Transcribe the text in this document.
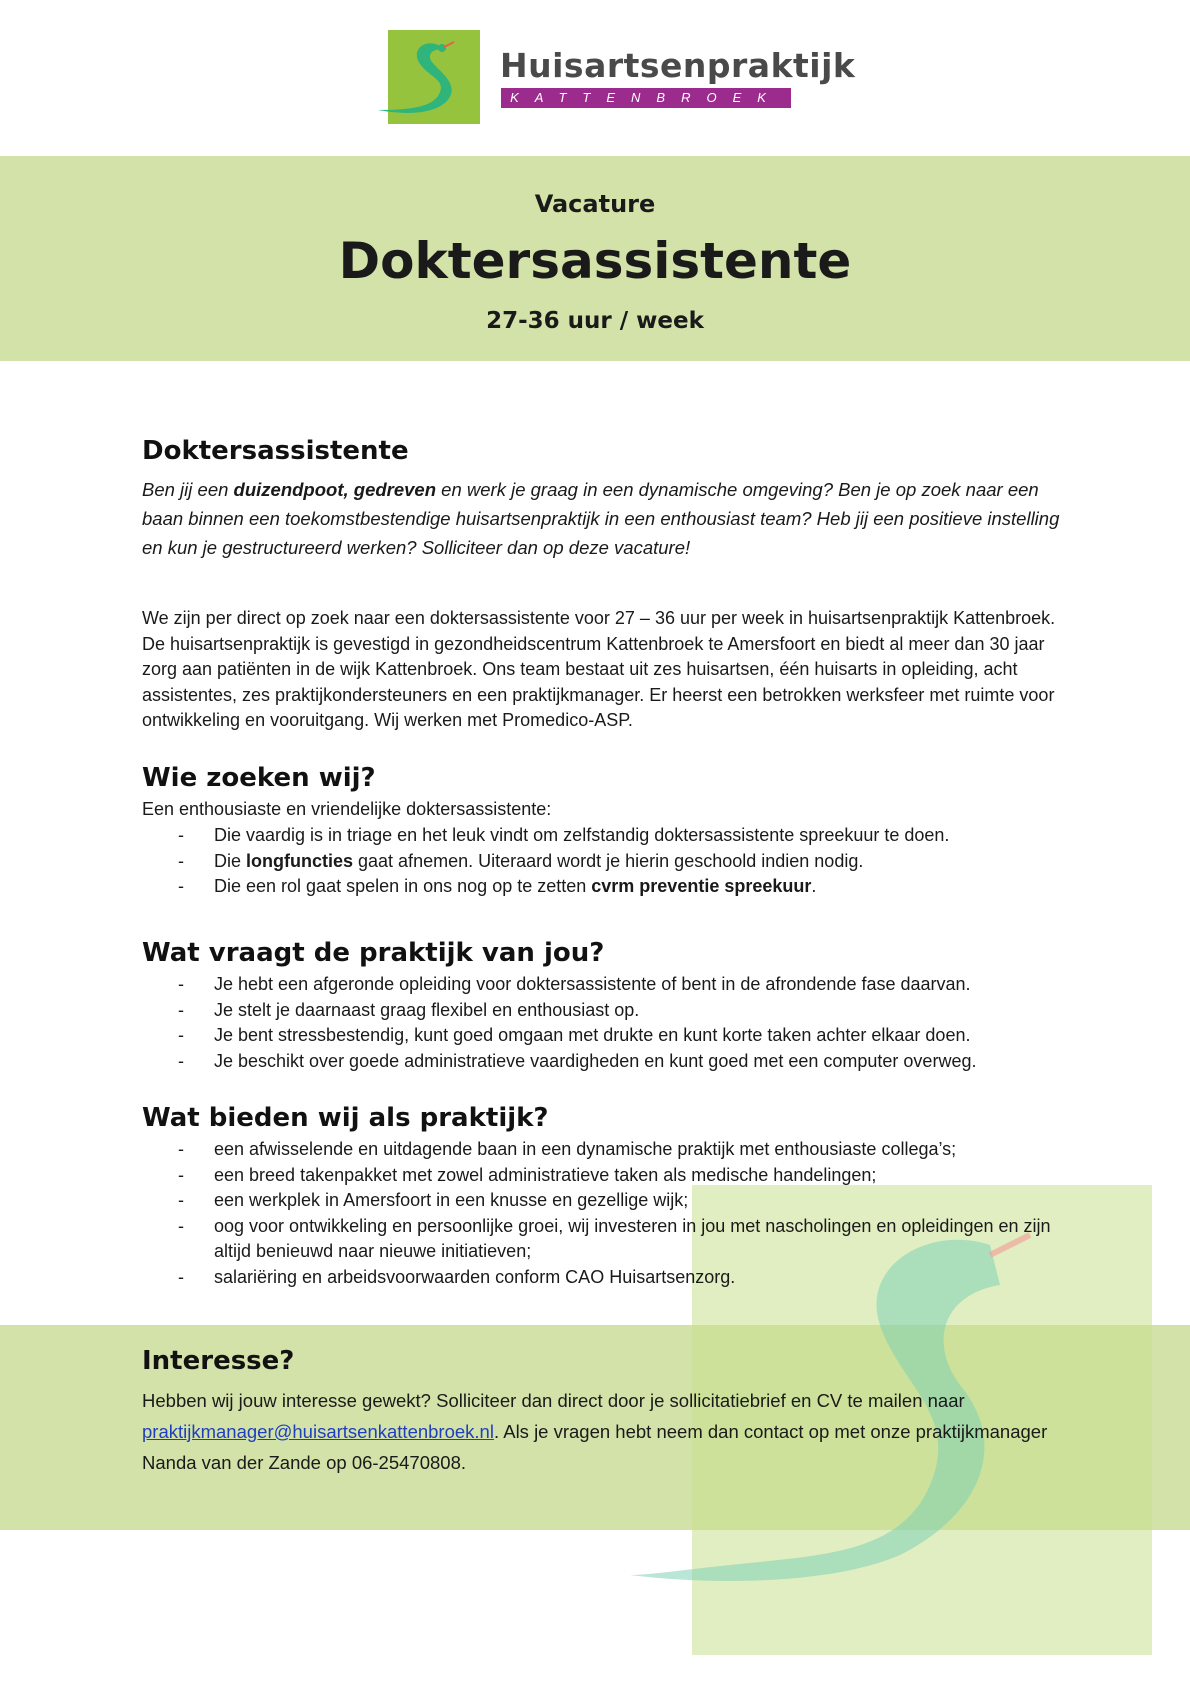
Huisartsenpraktijk
KATTENBROEK
Vacature
Doktersassistente
27-36 uur / week
Doktersassistente

Ben jij een duizendpoot, gedreven en werk je graag in een dynamische omgeving? Ben je op zoek naar een baan binnen een toekomstbestendige huisartsenpraktijk in een enthousiast team? Heb jij een positieve instelling en kun je gestructureerd werken? Solliciteer dan op deze vacature!

We zijn per direct op zoek naar een doktersassistente voor 27 – 36 uur per week in huisartsenpraktijk Kattenbroek. De huisartsenpraktijk is gevestigd in gezondheidscentrum Kattenbroek te Amersfoort en biedt al meer dan 30 jaar zorg aan patiënten in de wijk Kattenbroek. Ons team bestaat uit zes huisartsen, één huisarts in opleiding, acht assistentes, zes praktijkondersteuners en een praktijkmanager. Er heerst een betrokken werksfeer met ruimte voor ontwikkeling en vooruitgang. Wij werken met Promedico-ASP.

Wie zoeken wij?
Een enthousiaste en vriendelijke doktersassistente:
- Die vaardig is in triage en het leuk vindt om zelfstandig doktersassistente spreekuur te doen.
- Die longfuncties gaat afnemen. Uiteraard wordt je hierin geschoold indien nodig.
- Die een rol gaat spelen in ons nog op te zetten cvrm preventie spreekuur.
Wat vraagt de praktijk van jou?
- Je hebt een afgeronde opleiding voor doktersassistente of bent in de afrondende fase daarvan.
- Je stelt je daarnaast graag flexibel en enthousiast op.
- Je bent stressbestendig, kunt goed omgaan met drukte en kunt korte taken achter elkaar doen.
- Je beschikt over goede administratieve vaardigheden en kunt goed met een computer overweg.
Wat bieden wij als praktijk?
- een afwisselende en uitdagende baan in een dynamische praktijk met enthousiaste collega’s;
- een breed takenpakket met zowel administratieve taken als medische handelingen;
- een werkplek in Amersfoort in een knusse en gezellige wijk;
- oog voor ontwikkeling en persoonlijke groei, wij investeren in jou met nascholingen en opleidingen en zijn altijd benieuwd naar nieuwe initiatieven;
- salariëring en arbeidsvoorwaarden conform CAO Huisartsenzorg.
Interesse?

Hebben wij jouw interesse gewekt? Solliciteer dan direct door je sollicitatiebrief en CV te mailen naar praktijkmanager@huisartsenkattenbroek.nl. Als je vragen hebt neem dan contact op met onze praktijkmanager Nanda van der Zande op 06-25470808.
